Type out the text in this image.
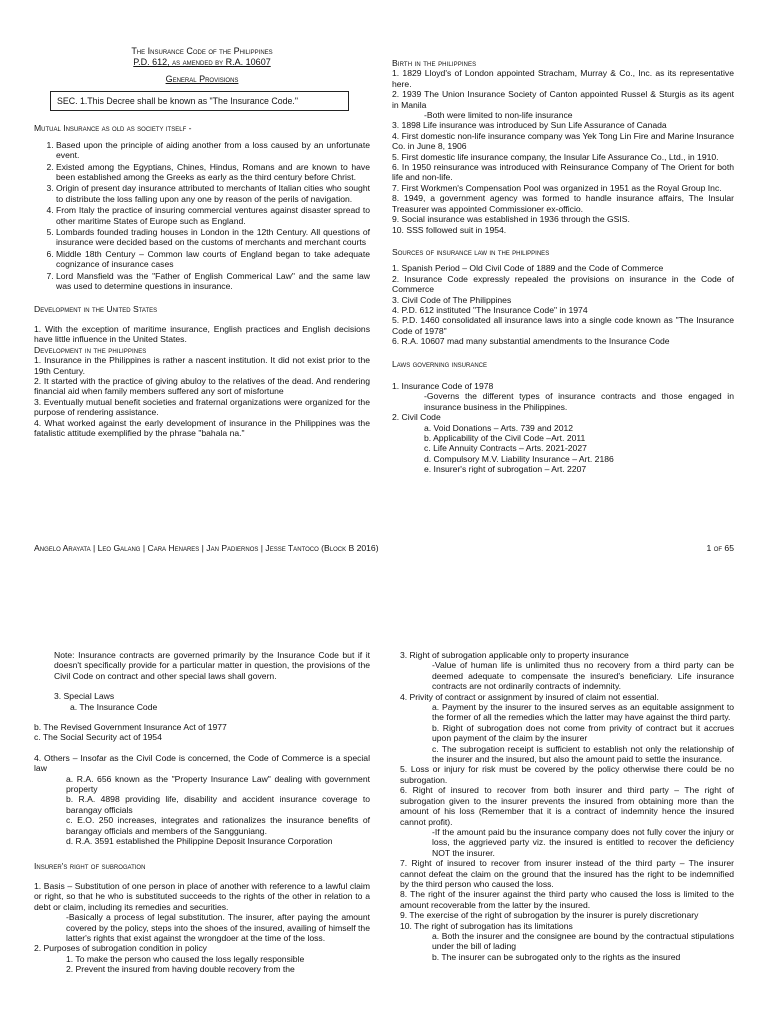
The Insurance Code of the Philippines
P.D. 612, as amended by R.A. 10607
General Provisions
SEC. 1.This Decree shall be known as "The Insurance Code."
Mutual Insurance as old as society itself -
1. Based upon the principle of aiding another from a loss caused by an unfortunate event.
2. Existed among the Egyptians, Chines, Hindus, Romans and are known to have been established among the Greeks as early as the third century before Christ.
3. Origin of present day insurance attributed to merchants of Italian cities who sought to distribute the loss falling upon any one by reason of the perils of navigation.
4. From Italy the practice of insuring commercial ventures against disaster spread to other maritime States of Europe such as England.
5. Lombards founded trading houses in London in the 12th Century. All questions of insurance were decided based on the customs of merchants and merchant courts
6. Middle 18th Century – Common law courts of England began to take adequate cognizance of insurance cases
7. Lord Mansfield was the "Father of English Commerical Law" and the same law was used to determine questions in insurance.
Development in the United States

1. With the exception of maritime insurance, English practices and English decisions have little influence in the United States.

Development in the philippines
1. Insurance in the Philippines is rather a nascent institution. It did not exist prior to the 19th Century.
2. It started with the practice of giving abuloy to the relatives of the dead. And rendering financial aid when family members suffered any sort of misfortune
3. Eventually mutual benefit societies and fraternal organizations were organized for the purpose of rendering assistance.
4. What worked against the early development of insurance in the Philippines was the fatalistic attitude exemplified by the phrase "bahala na."
Birth in the philippines
1. 1829 Lloyd's of London appointed Stracham, Murray & Co., Inc. as its representative here.
2. 1939 The Union Insurance Society of Canton appointed Russel & Sturgis as its agent in Manila
-Both were limited to non-life insurance
3. 1898 Life insurance was introduced by Sun Life Assurance of Canada
4. First domestic non-life insurance company was Yek Tong Lin Fire and Marine Insurance Co. in June 8, 1906
5. First domestic life insurance company, the Insular Life Assurance Co., Ltd., in 1910.
6. In 1950 reinsurance was introduced with Reinsurance Company of The Orient for both life and non-life.
7. First Workmen's Compensation Pool was organized in 1951 as the Royal Group Inc.
8. 1949, a government agency was formed to handle insurance affairs, The Insular Treasurer was appointed Commissioner ex-officio.
9. Social insurance was established in 1936 through the GSIS.
10. SSS followed suit in 1954.
Sources of insurance law in the philippines
1. Spanish Period – Old Civil Code of 1889 and the Code of Commerce
2. Insurance Code expressly repealed the provisions on insurance in the Code of Commerce
3. Civil Code of The Philippines
4. P.D. 612 instituted "The Insurance Code" in 1974
5. P.D. 1460 consolidated all insurance laws into a single code known as "The Insurance Code of 1978"
6. R.A. 10607 mad many substantial amendments to the Insurance Code
Laws governing insurance
1. Insurance Code of 1978
-Governs the different types of insurance contracts and those engaged in insurance business in the Philippines.
2. Civil Code
a. Void Donations – Arts. 739 and 2012
b. Applicability of the Civil Code –Art. 2011
c. Life Annuity Contracts – Arts. 2021-2027
d. Compulsory M.V. Liability Insurance – Art. 2186
e. Insurer's right of subrogation – Art. 2207
Angelo Arayata | Leo Galang | Cara Henares | Jan Padiernos | Jesse Tantoco (Block B 2016)	1 of 65

Note: Insurance contracts are governed primarily by the Insurance Code but if it doesn't specifically provide for a particular matter in question, the provisions of the Civil Code on contract and other special laws shall govern.

3. Special Laws
a. The Insurance Code
b. The Revised Government Insurance Act of 1977
c. The Social Security act of 1954

4. Others – Insofar as the Civil Code is concerned, the Code of Commerce is a special law

a. R.A. 656 known as the "Property Insurance Law" dealing with government property
b. R.A. 4898 providing life, disability and accident insurance coverage to barangay officials
c. E.O. 250 increases, integrates and rationalizes the insurance benefits of barangay officials and members of the Sangguniang.
d. R.A. 3591 established the Philippine Deposit Insurance Corporation
Insurer's right of subrogation

1. Basis – Substitution of one person in place of another with reference to a lawful claim or right, so that he who is substituted succeeds to the rights of the other in relation to a debt or claim, including its remedies and securities.

-Basically a process of legal substitution. The insurer, after paying the amount covered by the policy, steps into the shoes of the insured, availing of himself the latter's rights that exist against the wrongdoer at the time of the loss.

2. Purposes of subrogation condition in policy
1. To make the person who caused the loss legally responsible
2. Prevent the insured from having double recovery from the
3. Right of subrogation applicable only to property insurance
-Value of human life is unlimited thus no recovery from a third party can be deemed adequate to compensate the insured's beneficiary. Life insurance contracts are not ordinarily contracts of indemnity.
4. Privity of contract or assignment by insured of claim not essential.
a. Payment by the insurer to the insured serves as an equitable assignment to the former of all the remedies which the latter may have against the third party.
b. Right of subrogation does not come from privity of contract but it accrues upon payment of the claim by the insurer
c. The subrogation receipt is sufficient to establish not only the relationship of the insurer and the insured, but also the amount paid to settle the insurance.
5. Loss or injury for risk must be covered by the policy otherwise there could be no subrogation.
6. Right of insured to recover from both insurer and third party – The right of subrogation given to the insurer prevents the insured from obtaining more than the amount of his loss (Remember that it is a contract of indemnity hence the insured cannot profit).
-If the amount paid bu the insurance company does not fully cover the injury or loss, the aggrieved party viz. the insured is entitled to recover the deficiency NOT the insurer.
7. Right of insured to recover from insurer instead of the third party – The insurer cannot defeat the claim on the ground that the insured has the right to be indemnified by the third person who caused the loss.
8. The right of the insurer against the third party who caused the loss is limited to the amount recoverable from the latter by the insured.
9. The exercise of the right of subrogation by the insurer is purely discretionary
10. The right of subrogation has its limitations
a. Both the insurer and the consignee are bound by the contractual stipulations under the bill of lading
b. The insurer can be subrogated only to the rights as the insured
